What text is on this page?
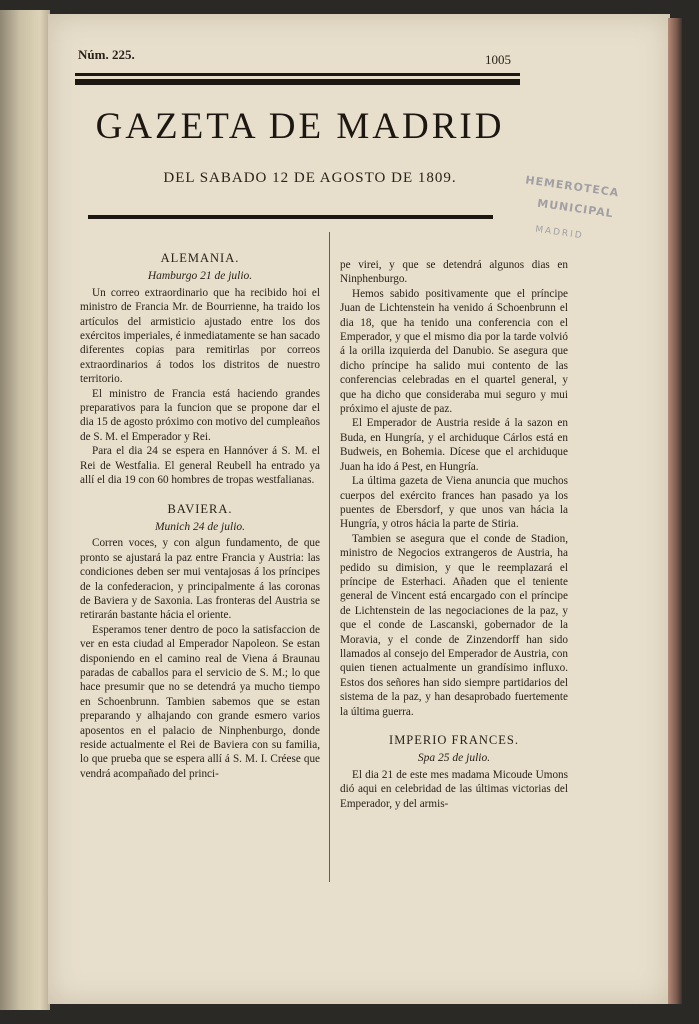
Núm. 225.	1005
GAZETA DE MADRID
DEL SABADO 12 DE AGOSTO DE 1809.	HEMEROTECA
MUNICIPAL
MADRID
ALEMANIA.
Hamburgo 21 de julio.

Un correo extraordinario que ha recibido hoi el ministro de Francia Mr. de Bourrienne, ha traido los artículos del armisticio ajustado entre los dos exércitos imperiales, é inmediatamente se han sacado diferentes copias para remitirlas por correos extraordinarios á todos los distritos de nuestro territorio.

El ministro de Francia está haciendo grandes preparativos para la funcion que se propone dar el dia 15 de agosto próximo con motivo del cumpleaños de S. M. el Emperador y Rei.

Para el dia 24 se espera en Hannóver á S. M. el Rei de Westfalia. El general Reubell ha entrado ya allí el dia 19 con 60 hombres de tropas westfalianas.

BAVIERA.
Munich 24 de julio.

Corren voces, y con algun fundamento, de que pronto se ajustará la paz entre Francia y Austria: las condiciones deben ser mui ventajosas á los príncipes de la confederacion, y principalmente á las coronas de Baviera y de Saxonia. Las fronteras del Austria se retirarán bastante hácia el oriente.

Esperamos tener dentro de poco la satisfaccion de ver en esta ciudad al Emperador Napoleon. Se estan disponiendo en el camino real de Viena á Braunau paradas de caballos para el servicio de S. M.; lo que hace presumir que no se detendrá ya mucho tiempo en Schoenbrunn. Tambien sabemos que se estan preparando y alhajando con grande esmero varios aposentos en el palacio de Ninphenburgo, donde reside actualmente el Rei de Baviera con su familia, lo que prueba que se espera allí á S. M. I. Créese que vendrá acompañado del princi-

pe virei, y que se detendrá algunos dias en Ninphenburgo.

Hemos sabido positivamente que el príncipe Juan de Lichtenstein ha venido á Schoenbrunn el dia 18, que ha tenido una conferencia con el Emperador, y que el mismo dia por la tarde volvió á la orilla izquierda del Danubio. Se asegura que dicho príncipe ha salido mui contento de las conferencias celebradas en el quartel general, y que ha dicho que consideraba mui seguro y mui próximo el ajuste de paz.

El Emperador de Austria reside á la sazon en Buda, en Hungría, y el archiduque Cárlos está en Budweis, en Bohemia. Dícese que el archiduque Juan ha ido á Pest, en Hungría.

La última gazeta de Viena anuncia que muchos cuerpos del exército frances han pasado ya los puentes de Ebersdorf, y que unos van hácia la Hungría, y otros hácia la parte de Stiria.

Tambien se asegura que el conde de Stadion, ministro de Negocios extrangeros de Austria, ha pedido su dimision, y que le reemplazará el príncipe de Esterhaci. Añaden que el teniente general de Vincent está encargado con el príncipe de Lichtenstein de las negociaciones de la paz, y que el conde de Lascanski, gobernador de la Moravia, y el conde de Zinzendorff han sido llamados al consejo del Emperador de Austria, con quien tienen actualmente un grandísimo influxo. Estos dos señores han sido siempre partidarios del sistema de la paz, y han desaprobado fuertemente la última guerra.

IMPERIO FRANCES.
Spa 25 de julio.

El dia 21 de este mes madama Micoude Umons dió aqui en celebridad de las últimas victorias del Emperador, y del armis-
